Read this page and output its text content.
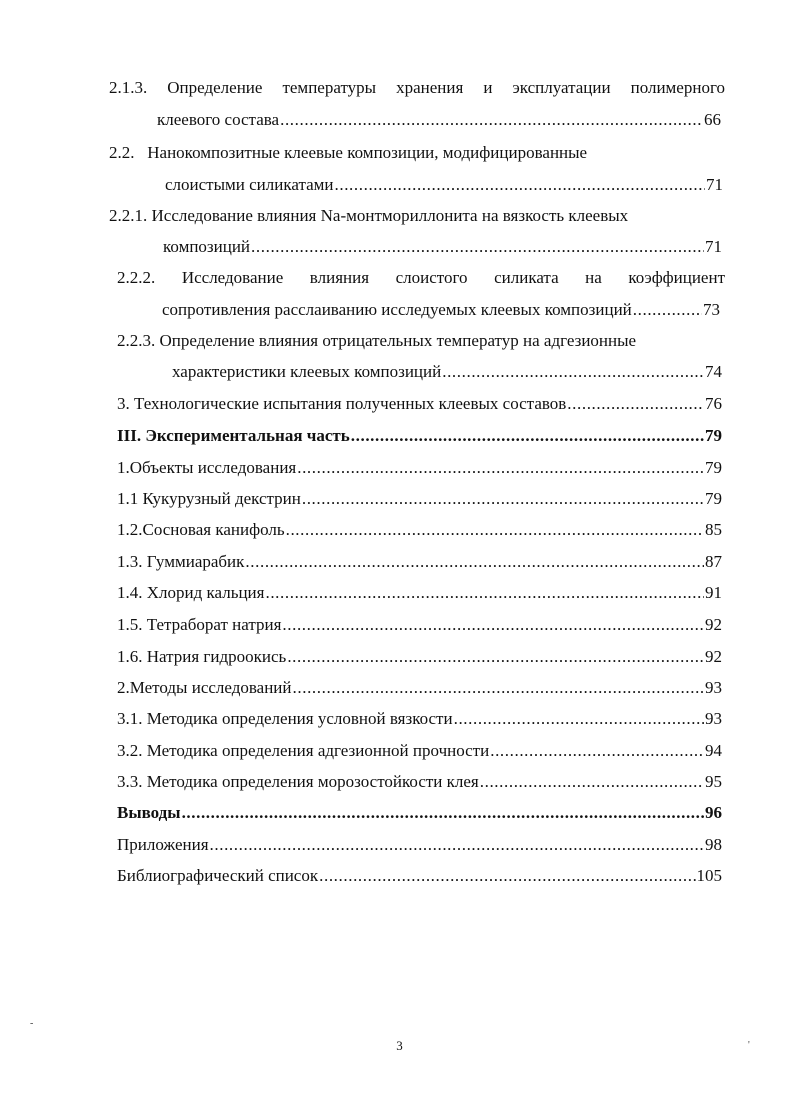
2.1.3. Определение температуры хранения и эксплуатации полимерного
клеевого состава .....	66
2.2.   Нанокомпозитные клеевые композиции, модифицированные
слоистыми силикатами .....	71
2.2.1. Исследование влияния Na-монтмориллонита на вязкость клеевых
композиций .....	71
2.2.2. Исследование влияния слоистого силиката на коэффициент
сопротивления расслаиванию исследуемых клеевых композиций .....	73
2.2.3. Определение влияния отрицательных температур на адгезионные
характеристики клеевых композиций .....	74
3. Технологические испытания полученных клеевых составов .....	76
III. Экспериментальная часть .....	79
1.Объекты исследования .....	79
1.1 Кукурузный декстрин .....	79
1.2.Сосновая канифоль .....	85
1.3. Гуммиарабик .....	87
1.4. Хлорид кальция .....	91
1.5. Тетраборат натрия .....	92
1.6. Натрия гидроокись .....	92
2.Методы исследований .....	93
3.1. Методика определения условной вязкости .....	93
3.2. Методика определения адгезионной прочности .....	94
3.3. Методика определения морозостойкости клея .....	95
Выводы .....	96
Приложения .....	98
Библиографический список .....	105
3
-
'
